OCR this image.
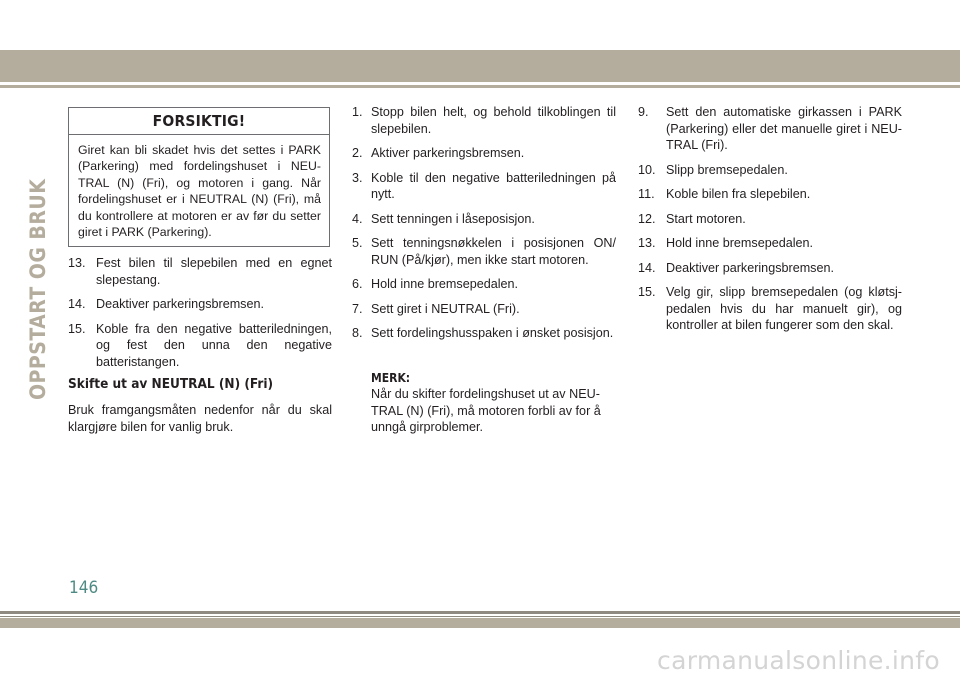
OPPSTART OG BRUK
FORSIKTIG!
Giret kan bli skadet hvis det settes i PARK (Parkering) med fordelingshuset i NEU- TRAL (N) (Fri), og motoren i gang. Når fordelingshuset er i NEUTRAL (N) (Fri), må du kontrollere at motoren er av før du setter giret i PARK (Parkering).
13. Fest bilen til slepebilen med en egnet slepestang.
14. Deaktiver parkeringsbremsen.
15. Koble fra den negative batteriledningen, og fest den unna den negative batteristangen.
Skifte ut av NEUTRAL (N) (Fri)
Bruk framgangsmåten nedenfor når du skal klargjøre bilen for vanlig bruk.
1. Stopp bilen helt, og behold tilkoblingen til slepebilen.
2. Aktiver parkeringsbremsen.
3. Koble til den negative batteriledningen på nytt.
4. Sett tenningen i låseposisjon.
5. Sett tenningsnøkkelen i posisjonen ON/ RUN (På/kjør), men ikke start motoren.
6. Hold inne bremsepedalen.
7. Sett giret i NEUTRAL (Fri).
8. Sett fordelingshusspaken i ønsket posisjon.
MERK:
Når du skifter fordelingshuset ut av NEU- TRAL (N) (Fri), må motoren forbli av for å unngå girproblemer.
9. Sett den automatiske girkassen i PARK (Parkering) eller det manuelle giret i NEU- TRAL (Fri).
10. Slipp bremsepedalen.
11. Koble bilen fra slepebilen.
12. Start motoren.
13. Hold inne bremsepedalen.
14. Deaktiver parkeringsbremsen.
15. Velg gir, slipp bremsepedalen (og kløtsj- pedalen hvis du har manuelt gir), og kontroller at bilen fungerer som den skal.
146
carmanualsonline.info
